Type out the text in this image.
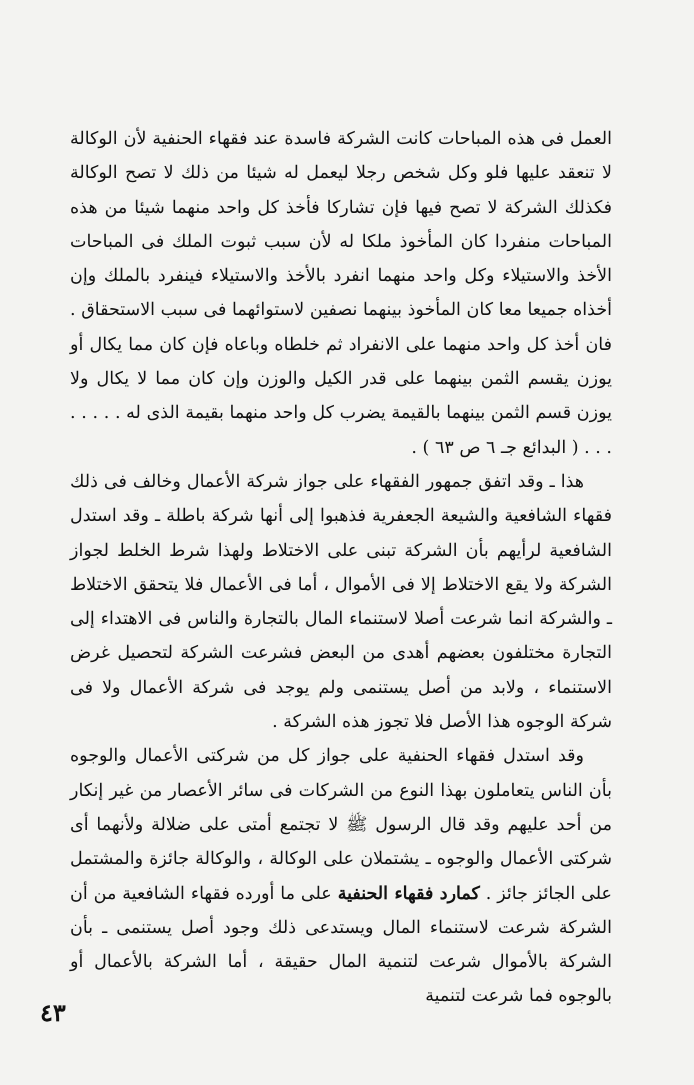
العمل فى هذه المباحات كانت الشركة فاسدة عند فقهاء الحنفية لأن الوكالة لا تنعقد عليها فلو وكل شخص رجلا ليعمل له شيئا من ذلك لا تصح الوكالة فكذلك الشركة لا تصح فيها فإن تشاركا فأخذ كل واحد منهما شيئا من هذه المباحات منفردا كان المأخوذ ملكا له لأن سبب ثبوت الملك فى المباحات الأخذ والاستيلاء وكل واحد منهما انفرد بالأخذ والاستيلاء فينفرد بالملك وإن أخذاه جميعا معا كان المأخوذ بينهما نصفين لاستوائهما فى سبب الاستحقاق . فان أخذ كل واحد منهما على الانفراد ثم خلطاه وباعاه فإن كان مما يكال أو يوزن يقسم الثمن بينهما على قدر الكيل والوزن وإن كان مما لا يكال ولا يوزن قسم الثمن بينهما بالقيمة يضرب كل واحد منهما بقيمة الذى له . . . . . . . . ( البدائع جـ ٦ ص ٦٣ ) .

هذا ـ وقد اتفق جمهور الفقهاء على جواز شركة الأعمال وخالف فى ذلك فقهاء الشافعية والشيعة الجعفرية فذهبوا إلى أنها شركة باطلة ـ وقد استدل الشافعية لرأيهم بأن الشركة تبنى على الاختلاط ولهذا شرط الخلط لجواز الشركة ولا يقع الاختلاط إلا فى الأموال ، أما فى الأعمال فلا يتحقق الاختلاط ـ والشركة انما شرعت أصلا لاستنماء المال بالتجارة والناس فى الاهتداء إلى التجارة مختلفون بعضهم أهدى من البعض فشرعت الشركة لتحصيل غرض الاستنماء ، ولابد من أصل يستنمى ولم يوجد فى شركة الأعمال ولا فى شركة الوجوه هذا الأصل فلا تجوز هذه الشركة .

وقد استدل فقهاء الحنفية على جواز كل من شركتى الأعمال والوجوه بأن الناس يتعاملون بهذا النوع من الشركات فى سائر الأعصار من غير إنكار من أحد عليهم وقد قال الرسول ﷺ لا تجتمع أمتى على ضلالة ولأنهما أى شركتى الأعمال والوجوه ـ يشتملان على الوكالة ، والوكالة جائزة والمشتمل على الجائز جائز . كمارد فقهاء الحنفية على ما أورده فقهاء الشافعية من أن الشركة شرعت لاستنماء المال ويستدعى ذلك وجود أصل يستنمى ـ بأن الشركة بالأموال شرعت لتنمية المال حقيقة ، أما الشركة بالأعمال أو بالوجوه فما شرعت لتنمية

٤٣
